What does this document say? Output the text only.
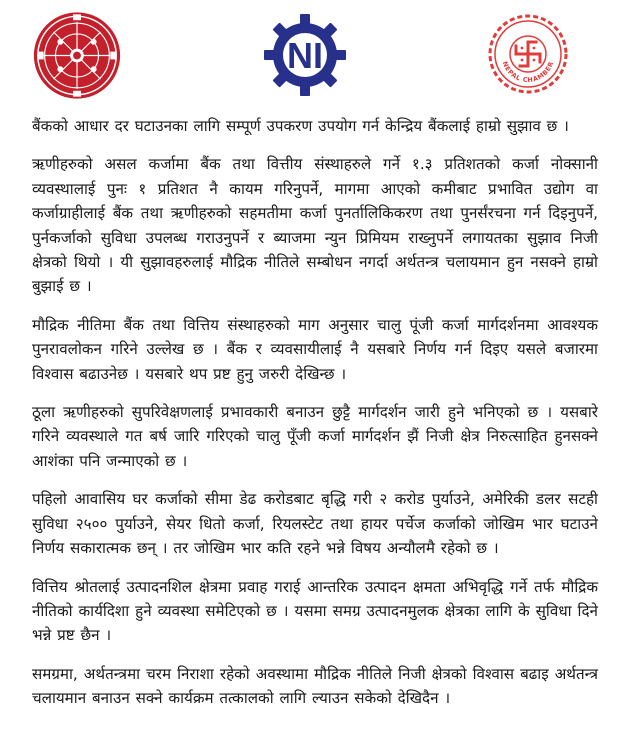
NI	NEPAL CHAMBER

बैंकको आधार दर घटाउनका लागि सम्पूर्ण उपकरण उपयोग गर्न केन्द्रिय बैंकलाई हाम्रो सुझाव छ ।

ऋणीहरुको असल कर्जामा बैंक तथा वित्तीय संस्थाहरुले गर्ने १.३ प्रतिशतको कर्जा नोक्सानी व्यवस्थालाई पुनः १ प्रतिशत नै कायम गरिनुपर्ने, मागमा आएको कमीबाट प्रभावित उद्योग वा कर्जाग्राहीलाई बैंक तथा ऋणीहरुको सहमतीमा कर्जा पुनर्तालिकिकरण तथा पुनर्संरचना गर्न दिइनुपर्ने, पुर्नकर्जाको सुविधा उपलब्ध गराउनुपर्ने र ब्याजमा न्युन प्रिमियम राख्नुपर्ने लगायतका सुझाव निजी क्षेत्रको थियो । यी सुझावहरुलाई मौद्रिक नीतिले सम्बोधन नगर्दा अर्थतन्त्र चलायमान हुन नसक्ने हाम्रो बुझाई छ ।

मौद्रिक नीतिमा बैंक तथा वित्तिय संस्थाहरुको माग अनुसार चालु पूंजी कर्जा मार्गदर्शनमा आवश्यक पुनरावलोकन गरिने उल्लेख छ । बैंक र व्यवसायीलाई नै यसबारे निर्णय गर्न दिइए यसले बजारमा विश्वास बढाउनेछ । यसबारे थप प्रष्ट हुनु जरुरी देखिन्छ ।

ठूला ऋणीहरुको सुपरिवेक्षणलाई प्रभावकारी बनाउन छुट्टै मार्गदर्शन जारी हुने भनिएको छ । यसबारे गरिने व्यवस्थाले गत बर्ष जारि गरिएको चालु पूँजी कर्जा मार्गदर्शन झैं निजी क्षेत्र निरुत्साहित हुनसक्ने आशंका पनि जन्माएको छ ।

पहिलो आवासिय घर कर्जाको सीमा डेढ करोडबाट बृद्धि गरी २ करोड पुर्याउने, अमेरिकी डलर सटही सुविधा २५०० पुर्याउने, सेयर धितो कर्जा, रियलस्टेट तथा हायर पर्चेज कर्जाको जोखिम भार घटाउने निर्णय सकारात्मक छन् । तर जोखिम भार कति रहने भन्ने विषय अन्यौलमै रहेको छ ।

वित्तिय श्रोतलाई उत्पादनशिल क्षेत्रमा प्रवाह गराई आन्तरिक उत्पादन क्षमता अभिवृद्धि गर्ने तर्फ मौद्रिक नीतिको कार्यदिशा हुने व्यवस्था समेटिएको छ । यसमा समग्र उत्पादनमुलक क्षेत्रका लागि के सुविधा दिने भन्ने प्रष्ट छैन ।

समग्रमा, अर्थतन्त्रमा चरम निराशा रहेको अवस्थामा मौद्रिक नीतिले निजी क्षेत्रको विश्वास बढाइ अर्थतन्त्र चलायमान बनाउन सक्ने कार्यक्रम तत्कालको लागि ल्याउन सकेको देखिदैन ।
